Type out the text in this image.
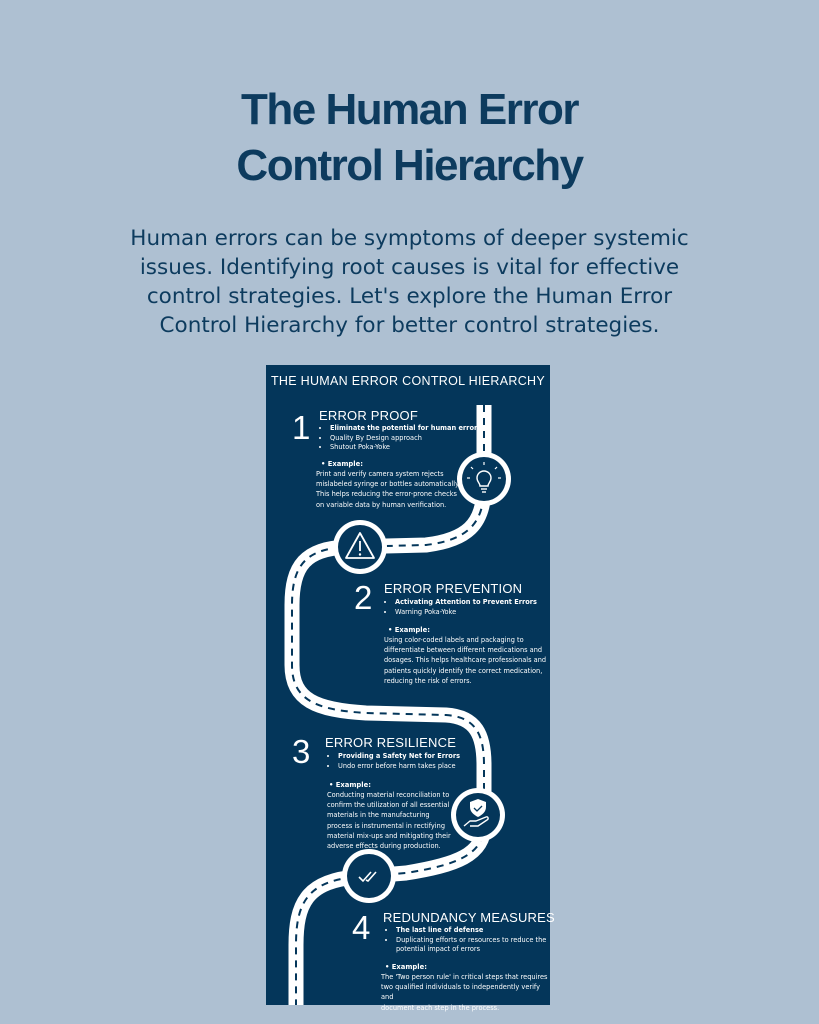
The Human Error
Control Hierarchy
Human errors can be symptoms of deeper systemic
issues. Identifying root causes is vital for effective
control strategies. Let's explore the Human Error
Control Hierarchy for better control strategies.
THE HUMAN ERROR CONTROL HIERARCHY
1 ERROR PROOF
• Eliminate the potential for human error
• Quality By Design approach
• Shutout Poka-Yoke
• Example:
Print and verify camera system rejects
mislabeled syringe or bottles automatically.
This helps reducing the error-prone checks
on variable data by human verification.
2 ERROR PREVENTION
• Activating Attention to Prevent Errors
• Warning Poka-Yoke
• Example:
Using color-coded labels and packaging to
differentiate between different medications and
dosages. This helps healthcare professionals and
patients quickly identify the correct medication,
reducing the risk of errors.
3 ERROR RESILIENCE
• Providing a Safety Net for Errors
• Undo error before harm takes place
• Example:
Conducting material reconciliation to
confirm the utilization of all essential
materials in the manufacturing
process is instrumental in rectifying
material mix-ups and mitigating their
adverse effects during production.
4 REDUNDANCY MEASURES
• The last line of defense
• Duplicating efforts or resources to reduce the
potential impact of errors
• Example:
The 'Two person rule' in critical steps that requires
two qualified individuals to independently verify and
document each step in the process.
